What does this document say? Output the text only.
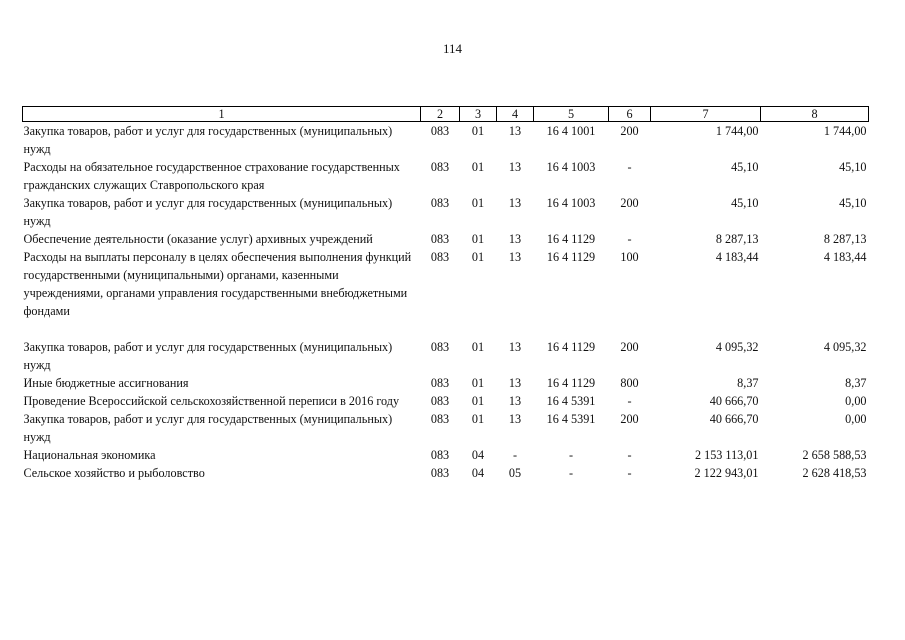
114
1	2	3	4	5	6	7	8
Закупка товаров, работ и услуг для государственных (муниципальных) нужд	083	01	13	16 4 1001	200	1 744,00	1 744,00
Расходы на обязательное государственное страхование государственных гражданских служащих Ставропольского края	083	01	13	16 4 1003	-	45,10	45,10
Закупка товаров, работ и услуг для государственных (муниципальных) нужд	083	01	13	16 4 1003	200	45,10	45,10
Обеспечение деятельности (оказание услуг) архивных учреждений	083	01	13	16 4 1129	-	8 287,13	8 287,13
Расходы на выплаты персоналу в целях обеспечения выполнения функций государственными (муниципальными) органами, казенными учреждениями, органами управления государственными внебюджетными фондами	083	01	13	16 4 1129	100	4 183,44	4 183,44
Закупка товаров, работ и услуг для государственных (муниципальных) нужд	083	01	13	16 4 1129	200	4 095,32	4 095,32
Иные бюджетные ассигнования	083	01	13	16 4 1129	800	8,37	8,37
Проведение Всероссийской сельскохозяйственной переписи в 2016 году	083	01	13	16 4 5391	-	40 666,70	0,00
Закупка товаров, работ и услуг для государственных (муниципальных) нужд	083	01	13	16 4 5391	200	40 666,70	0,00
Национальная экономика	083	04	-	-	-	2 153 113,01	2 658 588,53
Сельское хозяйство и рыболовство	083	04	05	-	-	2 122 943,01	2 628 418,53
